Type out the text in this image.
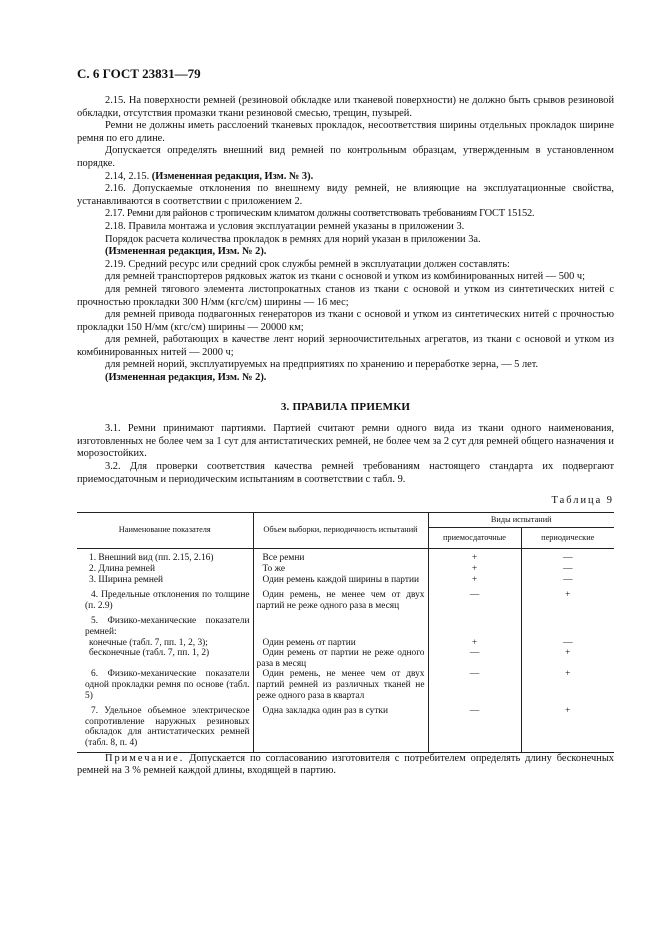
С. 6 ГОСТ 23831—79

2.15. На поверхности ремней (резиновой обкладке или тканевой поверхности) не должно быть срывов резиновой обкладки, отсутствия промазки ткани резиновой смесью, трещин, пузырей.

Ремни не должны иметь расслоений тканевых прокладок, несоответствия ширины отдельных прокладок ширине ремня по его длине.

Допускается определять внешний вид ремней по контрольным образцам, утвержденным в установленном порядке.

2.14, 2.15. (Измененная редакция, Изм. № 3).

2.16. Допускаемые отклонения по внешнему виду ремней, не влияющие на эксплуатационные свойства, устанавливаются в соответствии с приложением 2.

2.17. Ремни для районов с тропическим климатом должны соответствовать требованиям ГОСТ 15152.

2.18. Правила монтажа и условия эксплуатации ремней указаны в приложении 3.

Порядок расчета количества прокладок в ремнях для норий указан в приложении 3а.

(Измененная редакция, Изм. № 2).

2.19. Средний ресурс или средний срок службы ремней в эксплуатации должен составлять:

для ремней транспортеров рядковых жаток из ткани с основой и утком из комбинированных нитей — 500 ч;

для ремней тягового элемента листопрокатных станов из ткани с основой и утком из синтетических нитей с прочностью прокладки 300 Н/мм (кгс/см) ширины — 16 мес;

для ремней привода подвагонных генераторов из ткани с основой и утком из синтетических нитей с прочностью прокладки 150 Н/мм (кгс/см) ширины — 20000 км;

для ремней, работающих в качестве лент норий зерноочистительных агрегатов, из ткани с основой и утком из комбинированных нитей — 2000 ч;

для ремней норий, эксплуатируемых на предприятиях по хранению и переработке зерна, — 5 лет.

(Измененная редакция, Изм. № 2).

3. ПРАВИЛА ПРИЕМКИ

3.1. Ремни принимают партиями. Партией считают ремни одного вида из ткани одного наименования, изготовленных не более чем за 1 сут для антистатических ремней, не более чем за 2 сут для ремней общего назначения и морозостойких.

3.2. Для проверки соответствия качества ремней требованиям настоящего стандарта их подвергают приемосдаточным и периодическим испытаниям в соответствии с табл. 9.

Таблица 9
Наименование показателя	Объем выборки, периодичность испытаний	Виды испытаний	
		приемосдаточные	периодические
1. Внешний вид (пп. 2.15, 2.16)	Все ремни	+	—
2. Длина ремней	То же	+	—
3. Ширина ремней	Один ремень каждой ширины в партии	+	—
4. Предельные отклонения по толщине (п. 2.9)	Один ремень, не менее чем от двух партий не реже одного раза в месяц	—	+
5. Физико-механические показатели ремней:			
конечные (табл. 7, пп. 1, 2, 3);	Один ремень от партии	+	—
бесконечные (табл. 7, пп. 1, 2)	Один ремень от партии не реже одного раза в месяц	—	+
6. Физико-механические показатели одной прокладки ремня по основе (табл. 5)	Один ремень, не менее чем от двух партий ремней из различных тканей не реже одного раза в квартал	—	+
7. Удельное объемное электрическое сопротивление наружных резиновых обкладок для антистатических ремней (табл. 8, п. 4)	Одна закладка один раз в сутки	—	+

Примечание. Допускается по согласованию изготовителя с потребителем определять длину бесконечных ремней на 3 % ремней каждой длины, входящей в партию.
